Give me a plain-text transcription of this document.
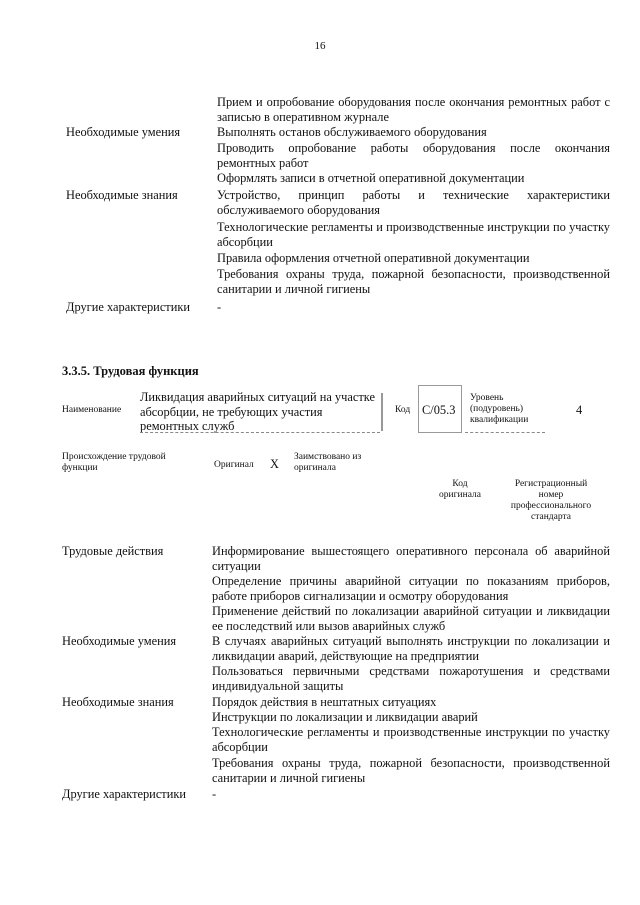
16
Прием и опробование оборудования после окончания ремонтных работ с записью в оперативном журнале
Необходимые умения	Выполнять останов обслуживаемого оборудования
Проводить опробование работы оборудования после окончания ремонтных работ
Оформлять записи в отчетной оперативной документации
Необходимые знания	Устройство, принцип работы и технические характеристики обслуживаемого оборудования
Технологические регламенты и производственные инструкции по участку абсорбции
Правила оформления отчетной оперативной документации
Требования охраны труда, пожарной безопасности, производственной санитарии и личной гигиены
Другие характеристики -
3.3.5. Трудовая функция
Наименование
Ликвидация аварийных ситуаций на участке абсорбции, не требующих участия ремонтных служб
Код С/05.3
Уровень (подуровень) квалификации
4
Происхождение трудовой функции	Оригинал Х Заимствовано из оригинала
Код оригинала
Регистрационный номер профессионального стандарта
Трудовые действия	Информирование вышестоящего оперативного персонала об аварийной ситуации
Определение причины аварийной ситуации по показаниям приборов, работе приборов сигнализации и осмотру оборудования
Применение действий по локализации аварийной ситуации и ликвидации ее последствий или вызов аварийных служб
Необходимые умения	В случаях аварийных ситуаций выполнять инструкции по локализации и ликвидации аварий, действующие на предприятии
Пользоваться первичными средствами пожаротушения и средствами индивидуальной защиты
Необходимые знания	Порядок действия в нештатных ситуациях
Инструкции по локализации и ликвидации аварий
Технологические регламенты и производственные инструкции по участку абсорбции
Требования охраны труда, пожарной безопасности, производственной санитарии и личной гигиены
Другие характеристики -
